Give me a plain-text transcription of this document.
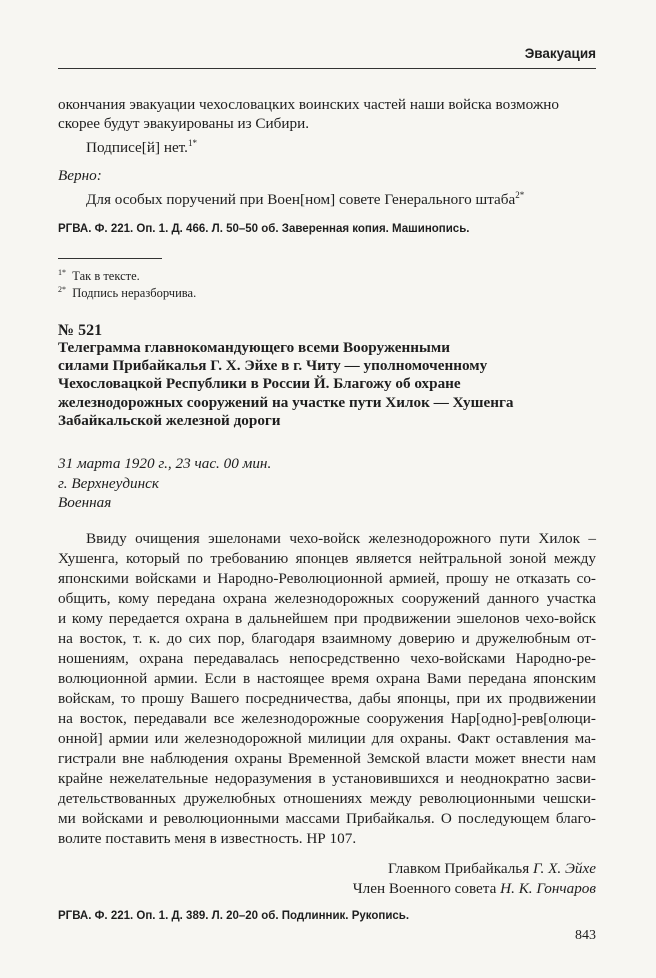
Эвакуация
окончания эвакуации чехословацких воинских частей наши войска возможно
скорее будут эвакуированы из Сибири.
Подписе[й] нет.$^{1*}$
Верно:
Для особых поручений при Воен[ном] совете Генерального штаба$^{2*}$
РГВА. Ф. 221. Оп. 1. Д. 466. Л. 50–50 об. Заверенная копия. Машинопись.
$^{1*}$ Так в тексте.
$^{2*}$ Подпись неразборчива.
№ 521
Телеграмма главнокомандующего всеми Вооруженными
силами Прибайкалья Г. Х. Эйхе в г. Читу — уполномоченному
Чехословацкой Республики в России Й. Благожу об охране
железнодорожных сооружений на участке пути Хилок — Хушенга
Забайкальской железной дороги
31 марта 1920 г., 23 час. 00 мин.
г. Верхнеудинск
Военная
Ввиду очищения эшелонами чехо-войск железнодорожного пути Хилок –
Хушенга, который по требованию японцев является нейтральной зоной между
японскими войсками и Народно-Революционной армией, прошу не отказать со-
общить, кому передана охрана железнодорожных сооружений данного участка
и кому передается охрана в дальнейшем при продвижении эшелонов чехо-войск
на восток, т. к. до сих пор, благодаря взаимному доверию и дружелюбным от-
ношениям, охрана передавалась непосредственно чехо-войсками Народно-ре-
волюционной армии. Если в настоящее время охрана Вами передана японским
войскам, то прошу Вашего посредничества, дабы японцы, при их продвижении
на восток, передавали все железнодорожные сооружения Нар[одно]-рев[олюци-
онной] армии или железнодорожной милиции для охраны. Факт оставления ма-
гистрали вне наблюдения охраны Временной Земской власти может внести нам
крайне нежелательные недоразумения в установившихся и неоднократно засви-
детельствованных дружелюбных отношениях между революционными чешски-
ми войсками и революционными массами Прибайкалья. О последующем благо-
волите поставить меня в известность. НР 107.
Главком Прибайкалья Г. Х. Эйхе
Член Военного совета Н. К. Гончаров
РГВА. Ф. 221. Оп. 1. Д. 389. Л. 20–20 об. Подлинник. Рукопись.
843
